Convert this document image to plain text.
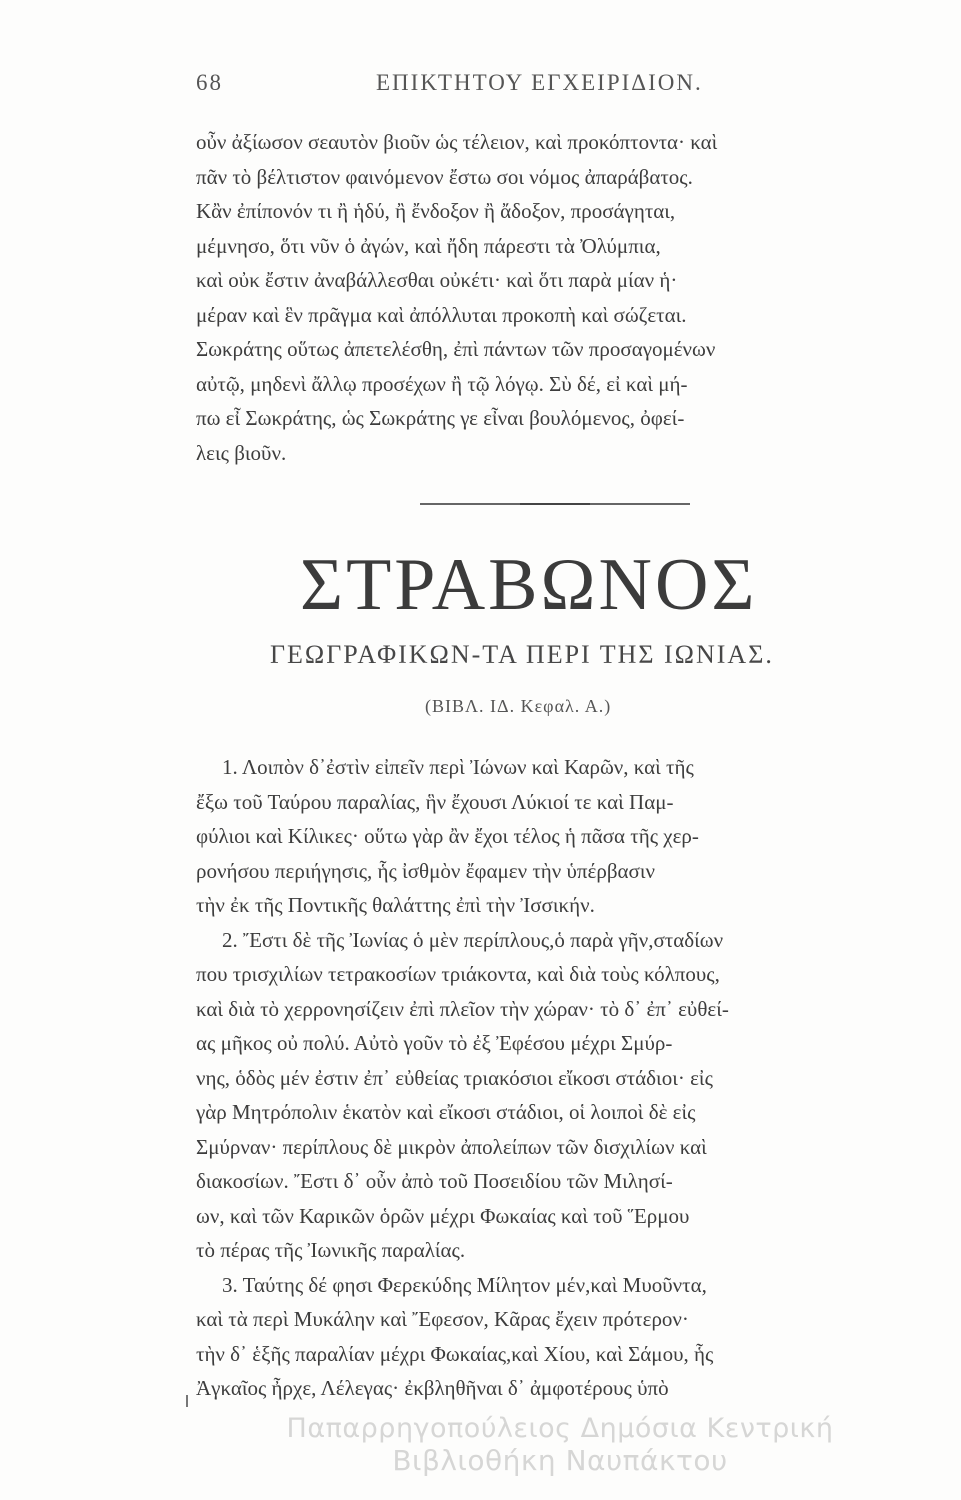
68	ΕΠΙΚΤΗΤΟΥ ΕΓΧΕΙΡΙΔΙΟΝ.
οὖν ἀξίωσον σεαυτὸν βιοῦν ὡς τέλειον, καὶ προκόπτοντα· καὶ
πᾶν τὸ βέλτιστον φαινόμενον ἔστω σοι νόμος ἀπαράβατος.
Κἂν ἐπίπονόν τι ἢ ἡδύ, ἢ ἔνδοξον ἢ ἄδοξον, προσάγηται,
μέμνησο, ὅτι νῦν ὁ ἀγών, καὶ ἤδη πάρεστι τὰ Ὀλύμπια,
καὶ οὐκ ἔστιν ἀναβάλλεσθαι οὐκέτι· καὶ ὅτι παρὰ μίαν ἡ·
μέραν καὶ ἓν πρᾶγμα καὶ ἀπόλλυται προκοπὴ καὶ σώζεται.
Σωκράτης οὕτως ἀπετελέσθη, ἐπὶ πάντων τῶν προσαγομένων
αὐτῷ, μηδενὶ ἄλλῳ προσέχων ἢ τῷ λόγῳ. Σὺ δέ, εἰ καὶ μή-
πω εἶ Σωκράτης, ὡς Σωκράτης γε εἶναι βουλόμενος, ὀφεί-
λεις βιοῦν.
ΣΤΡΑΒΩΝΟΣ
ΓΕΩΓΡΑΦΙΚΩΝ-ΤΑ ΠΕΡΙ ΤΗΣ ΙΩΝΙΑΣ.
(ΒΙΒΛ. ΙΔ. Κεφαλ. Α.)
1. Λοιπὸν δ᾽ἐστὶν εἰπεῖν περὶ Ἰώνων καὶ Καρῶν, καὶ τῆς
ἔξω τοῦ Ταύρου παραλίας, ἣν ἔχουσι Λύκιοί τε καὶ Παμ-
φύλιοι καὶ Κίλικες· οὕτω γὰρ ἂν ἔχοι τέλος ἡ πᾶσα τῆς χερ-
ρονήσου περιήγησις, ἧς ἰσθμὸν ἔφαμεν τὴν ὑπέρβασιν
τὴν ἐκ τῆς Ποντικῆς θαλάττης ἐπὶ τὴν Ἰσσικήν.
2. Ἔστι δὲ τῆς Ἰωνίας ὁ μὲν περίπλους,ὁ παρὰ γῆν,σταδίων
που τρισχιλίων τετρακοσίων τριάκοντα, καὶ διὰ τοὺς κόλπους,
καὶ διὰ τὸ χερρονησίζειν ἐπὶ πλεῖον τὴν χώραν· τὸ δ᾽ ἐπ᾽ εὐθεί-
ας μῆκος οὐ πολύ. Αὐτὸ γοῦν τὸ ἐξ Ἐφέσου μέχρι Σμύρ-
νης, ὁδὸς μέν ἐστιν ἐπ᾽ εὐθείας τριακόσιοι εἴκοσι στάδιοι· εἰς
γὰρ Μητρόπολιν ἑκατὸν καὶ εἴκοσι στάδιοι, οἱ λοιποὶ δὲ εἰς
Σμύρναν· περίπλους δὲ μικρὸν ἀπολείπων τῶν δισχιλίων καὶ
διακοσίων. Ἔστι δ᾽ οὖν ἀπὸ τοῦ Ποσειδίου τῶν Μιλησί-
ων, καὶ τῶν Καρικῶν ὁρῶν μέχρι Φωκαίας καὶ τοῦ Ἕρμου
τὸ πέρας τῆς Ἰωνικῆς παραλίας.
3. Ταύτης δέ φησι Φερεκύδης Μίλητον μέν,καὶ Μυοῦντα,
καὶ τὰ περὶ Μυκάλην καὶ Ἔφεσον, Κᾶρας ἔχειν πρότερον·
τὴν δ᾽ ἑξῆς παραλίαν μέχρι Φωκαίας,καὶ Χίου, καὶ Σάμου, ἧς
Ἀγκαῖος ἦρχε, Λέλεγας· ἐκβληθῆναι δ᾽ ἀμφοτέρους ὑπὸ
Παπαρρηγοπούλειος Δημόσια Κεντρική
Βιβλιοθήκη Ναυπάκτου
